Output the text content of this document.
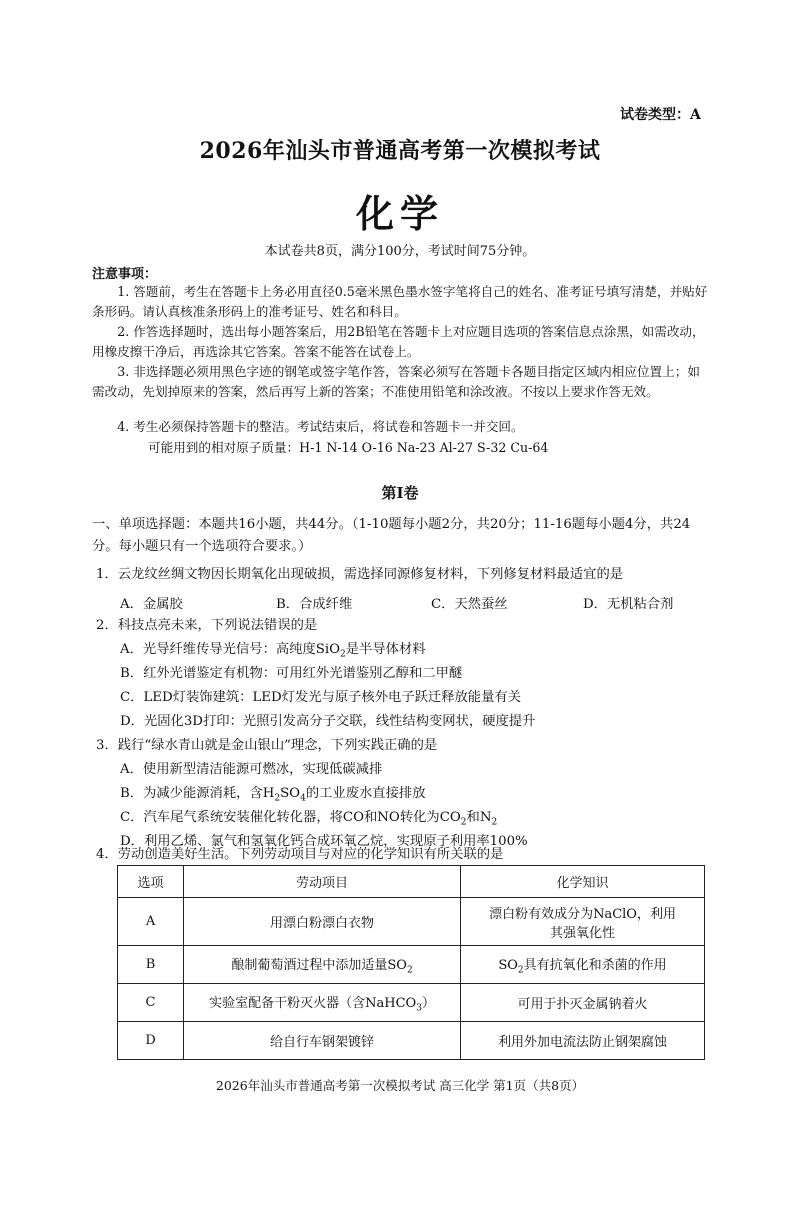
试卷类型：A
2026年汕头市普通高考第一次模拟考试
化学
本试卷共8页，满分100分，考试时间75分钟。
注意事项：
1. 答题前，考生在答题卡上务必用直径0.5毫米黑色墨水签字笔将自己的姓名、准考证号填写清楚，并贴好条形码。请认真核准条形码上的准考证号、姓名和科目。
2. 作答选择题时，选出每小题答案后，用2B铅笔在答题卡上对应题目选项的答案信息点涂黑，如需改动，用橡皮擦干净后，再选涂其它答案。答案不能答在试卷上。
3. 非选择题必须用黑色字迹的钢笔或签字笔作答，答案必须写在答题卡各题目指定区域内相应位置上；如需改动，先划掉原来的答案，然后再写上新的答案；不准使用铅笔和涂改液。不按以上要求作答无效。
4. 考生必须保持答题卡的整洁。考试结束后，将试卷和答题卡一并交回。
可能用到的相对原子质量：H-1 N-14 O-16 Na-23 Al-27 S-32 Cu-64
第Ⅰ卷
一、单项选择题：本题共16小题，共44分。（1-10题每小题2分，共20分；11-16题每小题4分，共24分。每小题只有一个选项符合要求。）
1．云龙纹丝绸文物因长期氧化出现破损，需选择同源修复材料，下列修复材料最适宜的是
A．金属胶	B．合成纤维	C．天然蚕丝	D．无机粘合剂
2．科技点亮未来，下列说法错误的是
A．光导纤维传导光信号：高纯度SiO$_2$是半导体材料
B．红外光谱鉴定有机物：可用红外光谱鉴别乙醇和二甲醚
C．LED灯装饰建筑：LED灯发光与原子核外电子跃迁释放能量有关
D．光固化3D打印：光照引发高分子交联，线性结构变网状，硬度提升
3．践行“绿水青山就是金山银山”理念，下列实践正确的是
A．使用新型清洁能源可燃冰，实现低碳减排
B．为减少能源消耗，含$H_2SO_4$的工业废水直接排放
C．汽车尾气系统安装催化转化器，将CO和NO转化为$CO_2$和$N_2$
D．利用乙烯、氯气和氢氧化钙合成环氧乙烷，实现原子利用率100%
4．劳动创造美好生活。下列劳动项目与对应的化学知识有所关联的是
选项	劳动项目	化学知识
A	用漂白粉漂白衣物	漂白粉有效成分为NaClO，利用
其强氧化性

B	酿制葡萄酒过程中添加适量$SO_2$	$SO_2$具有抗氧化和杀菌的作用
C	实验室配备干粉灭火器（含NaHCO$_3$）	可用于扑灭金属钠着火
D	给自行车钢架镀锌	利用外加电流法防止钢架腐蚀
2026年汕头市普通高考第一次模拟考试 高三化学 第1页（共8页）
